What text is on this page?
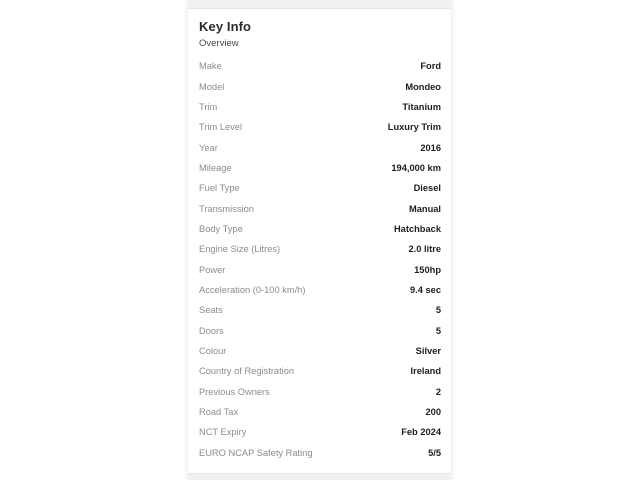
Key Info
Overview
Make	Ford
Model	Mondeo
Trim	Titanium
Trim Level	Luxury Trim
Year	2016
Mileage	194,000 km
Fuel Type	Diesel
Transmission	Manual
Body Type	Hatchback
Engine Size (Litres)	2.0 litre
Power	150hp
Acceleration (0-100 km/h)	9.4 sec
Seats	5
Doors	5
Colour	Silver
Country of Registration	Ireland
Previous Owners	2
Road Tax	200
NCT Expiry	Feb 2024
EURO NCAP Safety Rating	5/5
